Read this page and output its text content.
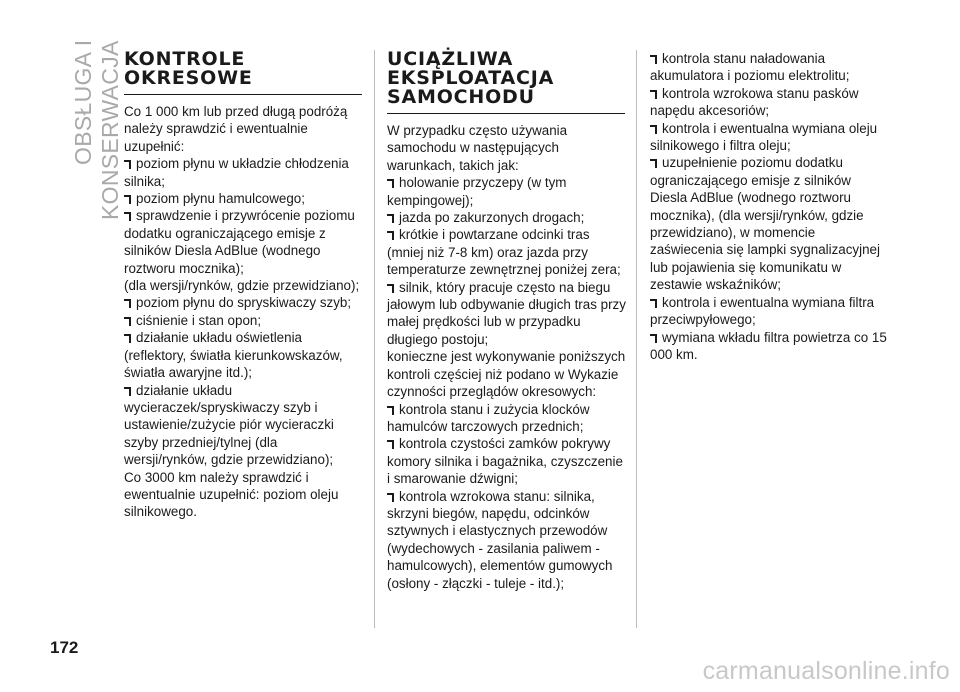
OBSŁUGA I KONSERWACJA KONTROLE OKRESOWE

Co 1 000 km lub przed długą podróżą należy sprawdzić i ewentualnie uzupełnić:

poziom płynu w układzie chłodzenia silnika;

poziom płynu hamulcowego;

sprawdzenie i przywrócenie poziomu dodatku ograniczającego emisje z silników Diesla AdBlue (wodnego roztworu mocznika);

(dla wersji/rynków, gdzie przewidziano);

poziom płynu do spryskiwaczy szyb;

ciśnienie i stan opon;

działanie układu oświetlenia (reflektory, światła kierunkowskazów, światła awaryjne itd.);

działanie układu wycieraczek/spryskiwaczy szyb i ustawienie/zużycie piór wycieraczki szyby przedniej/tylnej (dla wersji/rynków, gdzie przewidziano);

Co 3000 km należy sprawdzić i ewentualnie uzupełnić: poziom oleju silnikowego.

UCIĄŻLIWA EKSPLOATACJA SAMOCHODU

W przypadku często używania samochodu w następujących warunkach, takich jak:

holowanie przyczepy (w tym kempingowej);

jazda po zakurzonych drogach;

krótkie i powtarzane odcinki tras (mniej niż 7-8 km) oraz jazda przy temperaturze zewnętrznej poniżej zera;

silnik, który pracuje często na biegu jałowym lub odbywanie długich tras przy małej prędkości lub w przypadku długiego postoju;

konieczne jest wykonywanie poniższych kontroli częściej niż podano w Wykazie czynności przeglądów okresowych:

kontrola stanu i zużycia klocków hamulców tarczowych przednich;

kontrola czystości zamków pokrywy komory silnika i bagażnika, czyszczenie i smarowanie dźwigni;

kontrola wzrokowa stanu: silnika, skrzyni biegów, napędu, odcinków sztywnych i elastycznych przewodów (wydechowych - zasilania paliwem - hamulcowych), elementów gumowych (osłony - złączki - tuleje - itd.);

kontrola stanu naładowania akumulatora i poziomu elektrolitu;

kontrola wzrokowa stanu pasków napędu akcesoriów;

kontrola i ewentualna wymiana oleju silnikowego i filtra oleju;

uzupełnienie poziomu dodatku ograniczającego emisje z silników Diesla AdBlue (wodnego roztworu mocznika), (dla wersji/rynków, gdzie przewidziano), w momencie zaświecenia się lampki sygnalizacyjnej lub pojawienia się komunikatu w zestawie wskaźników;

kontrola i ewentualna wymiana filtra przeciwpyłowego;

wymiana wkładu filtra powietrza co 15 000 km.

172
carmanualsonline.info
